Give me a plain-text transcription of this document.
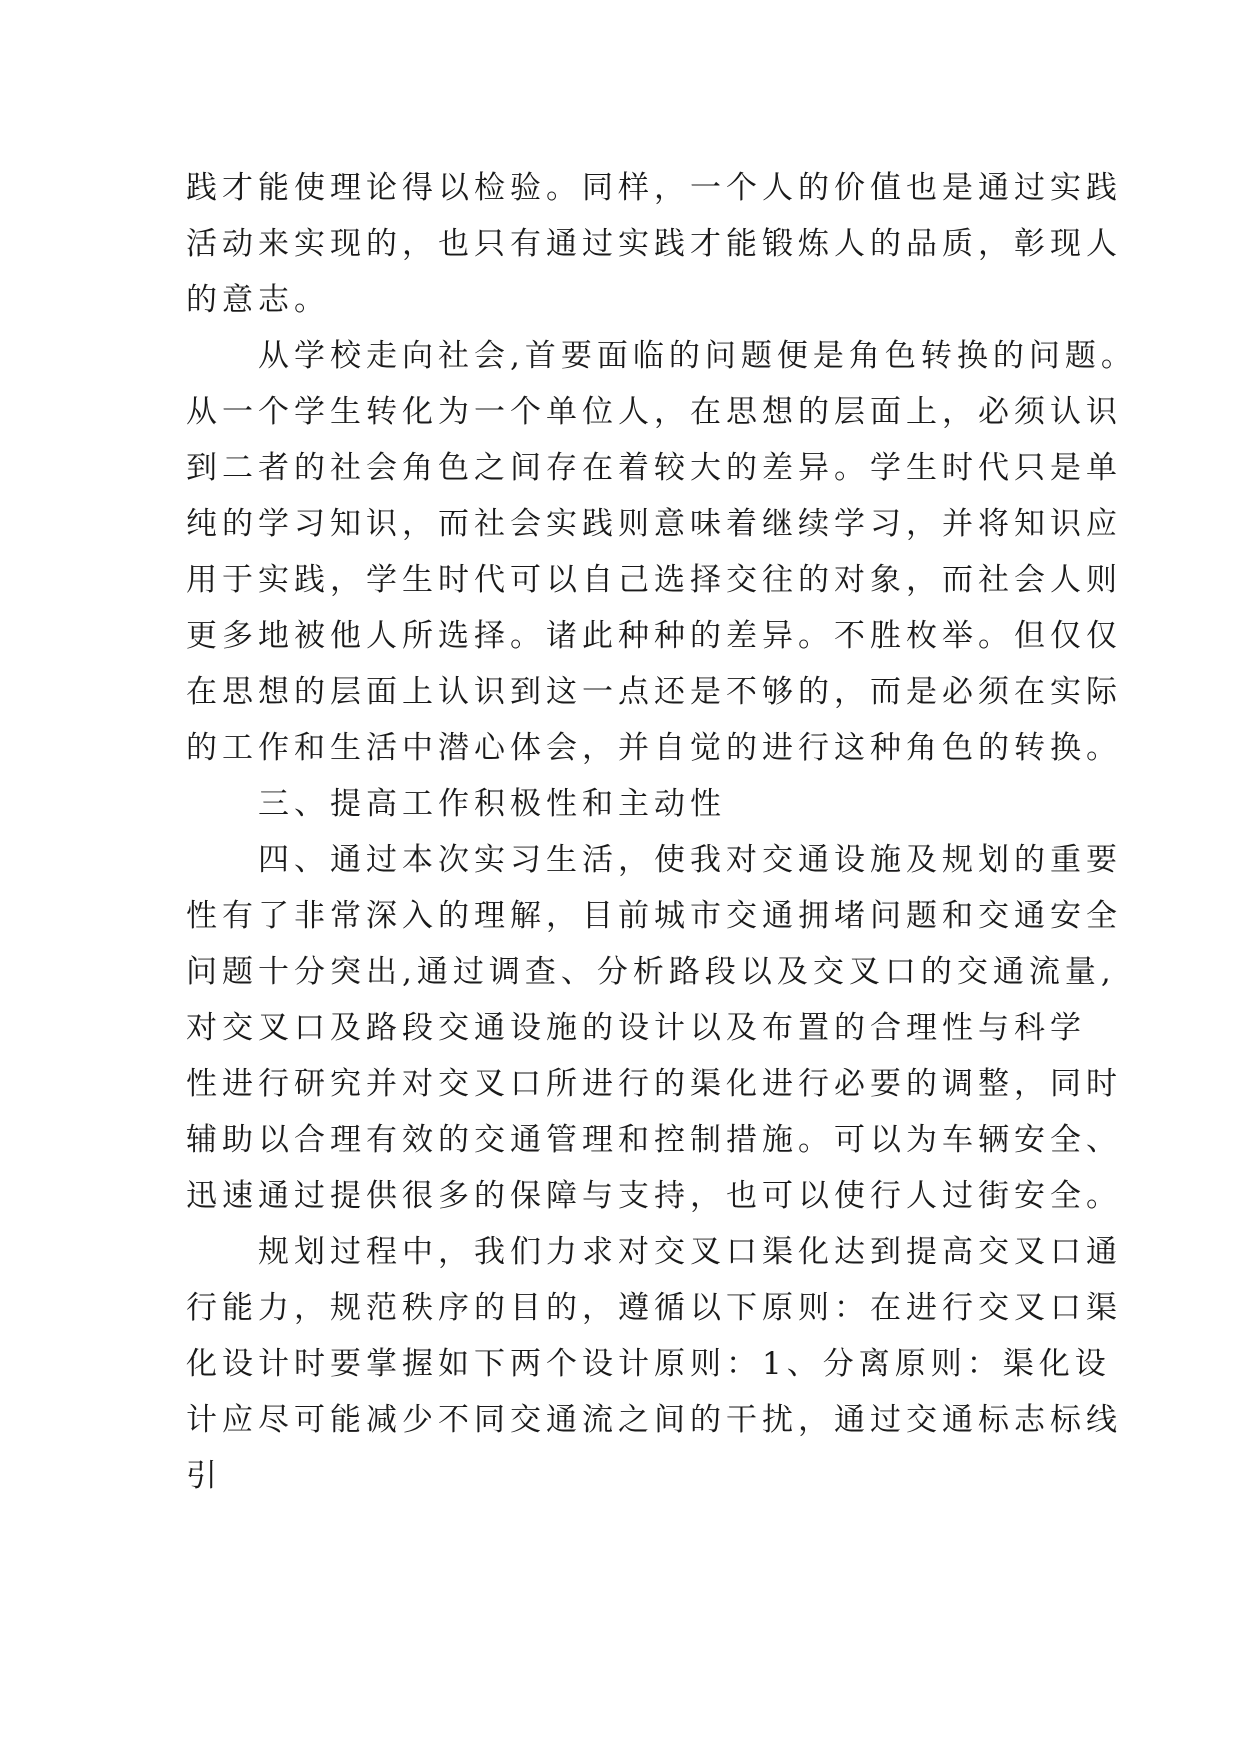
践才能使理论得以检验。同样，一个人的价值也是通过实践
活动来实现的，也只有通过实践才能锻炼人的品质，彰现人
的意志。
从学校走向社会,首要面临的问题便是角色转换的问题。
从一个学生转化为一个单位人，在思想的层面上，必须认识
到二者的社会角色之间存在着较大的差异。学生时代只是单
纯的学习知识，而社会实践则意味着继续学习，并将知识应
用于实践，学生时代可以自己选择交往的对象，而社会人则
更多地被他人所选择。诸此种种的差异。不胜枚举。但仅仅
在思想的层面上认识到这一点还是不够的，而是必须在实际
的工作和生活中潜心体会，并自觉的进行这种角色的转换。
三、提高工作积极性和主动性
四、通过本次实习生活，使我对交通设施及规划的重要
性有了非常深入的理解，目前城市交通拥堵问题和交通安全
问题十分突出,通过调查、分析路段以及交叉口的交通流量,
对交叉口及路段交通设施的设计以及布置的合理性与科学
性进行研究并对交叉口所进行的渠化进行必要的调整，同时
辅助以合理有效的交通管理和控制措施。可以为车辆安全、
迅速通过提供很多的保障与支持，也可以使行人过街安全。
规划过程中，我们力求对交叉口渠化达到提高交叉口通
行能力，规范秩序的目的，遵循以下原则：在进行交叉口渠
化设计时要掌握如下两个设计原则：1、分离原则：渠化设
计应尽可能减少不同交通流之间的干扰，通过交通标志标线
引
